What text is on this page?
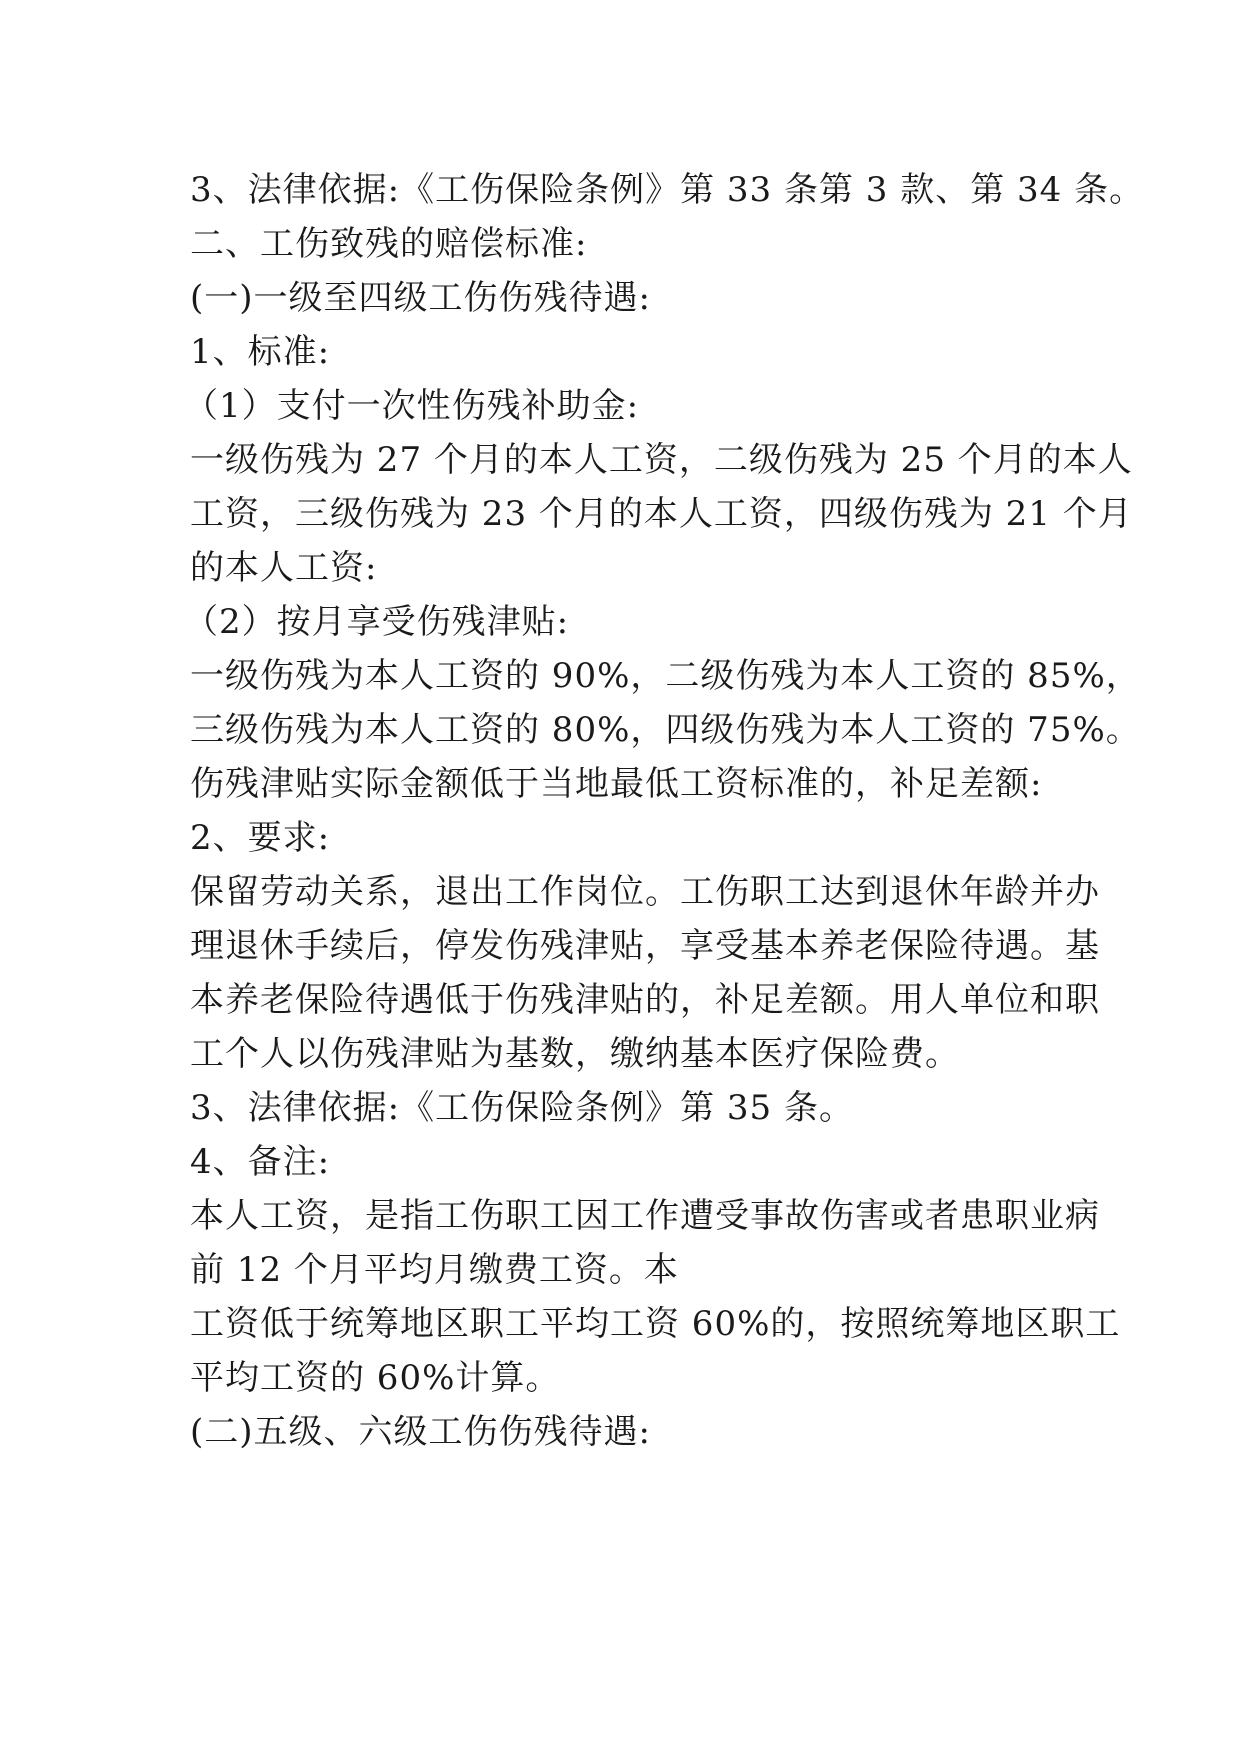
3、法律依据:《工伤保险条例》第 33 条第 3 款、第 34 条。
二、工伤致残的赔偿标准:
(一)一级至四级工伤伤残待遇:
1、标准:
（1）支付一次性伤残补助金:
一级伤残为 27 个月的本人工资，二级伤残为 25 个月的本人
工资，三级伤残为 23 个月的本人工资，四级伤残为 21 个月
的本人工资:
（2）按月享受伤残津贴:
一级伤残为本人工资的 90%，二级伤残为本人工资的 85%，
三级伤残为本人工资的 80%，四级伤残为本人工资的 75%。
伤残津贴实际金额低于当地最低工资标准的，补足差额:
2、要求:
保留劳动关系，退出工作岗位。工伤职工达到退休年龄并办
理退休手续后，停发伤残津贴，享受基本养老保险待遇。基
本养老保险待遇低于伤残津贴的，补足差额。用人单位和职
工个人以伤残津贴为基数，缴纳基本医疗保险费。
3、法律依据:《工伤保险条例》第 35 条。
4、备注:
本人工资，是指工伤职工因工作遭受事故伤害或者患职业病
前 12 个月平均月缴费工资。本
工资低于统筹地区职工平均工资 60%的，按照统筹地区职工
平均工资的 60%计算。
(二)五级、六级工伤伤残待遇:
